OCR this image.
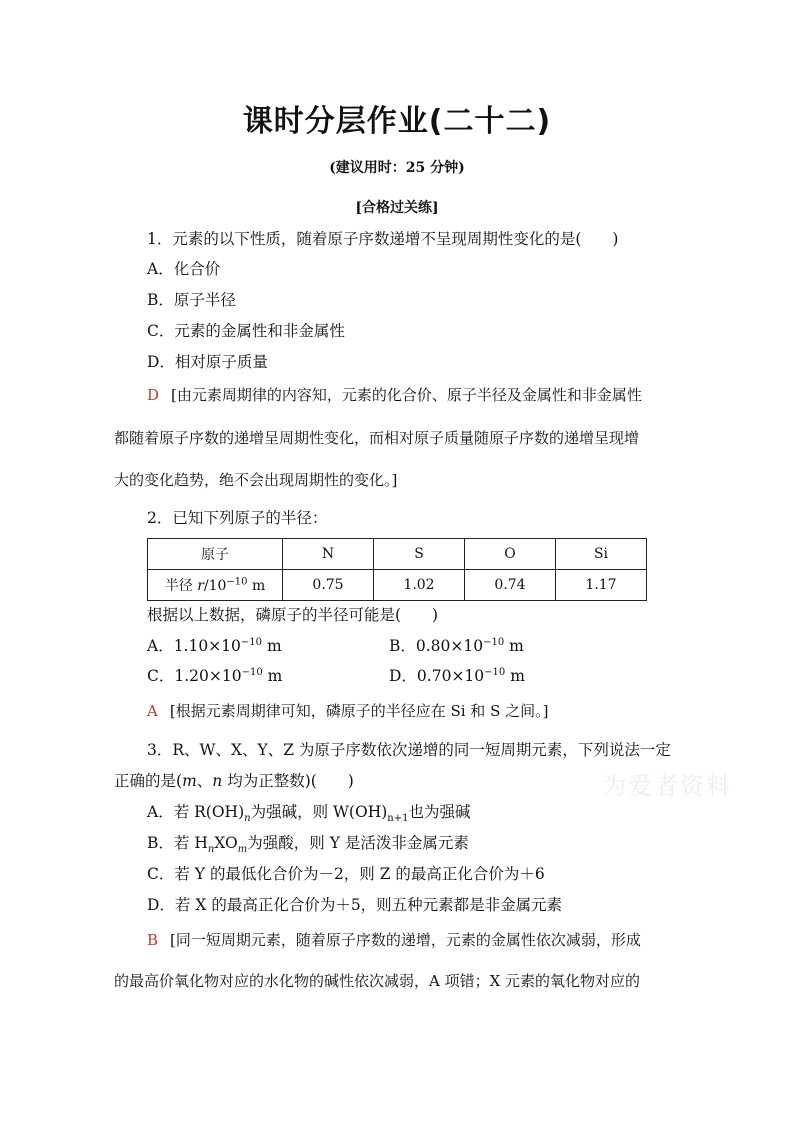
课时分层作业(二十二)
(建议用时：25 分钟)
[合格过关练]
1．元素的以下性质，随着原子序数递增不呈现周期性变化的是(　　)
A．化合价
B．原子半径
C．元素的金属性和非金属性
D．相对原子质量
D [由元素周期律的内容知，元素的化合价、原子半径及金属性和非金属性
都随着原子序数的递增呈周期性变化，而相对原子质量随原子序数的递增呈现增
大的变化趋势，绝不会出现周期性的变化。]
2．已知下列原子的半径：
原子	N	S	O	Si
半径 $r/10^{-10}$ m	0.75	1.02	0.74	1.17
根据以上数据，磷原子的半径可能是(　　)
A．$1.10\times 10^{-10}$ m	B．$0.80\times 10^{-10}$ m
C．$1.20\times 10^{-10}$ m	D．$0.70\times 10^{-10}$ m
A [根据元素周期律可知，磷原子的半径应在 Si 和 S 之间。]
3．R、W、X、Y、Z 为原子序数依次递增的同一短周期元素，下列说法一定
正确的是(m、n 均为正整数)(　　)
A．若 $R(OH)_n$为强碱，则 $W(OH)_{n+1}$也为强碱
B．若 $H_nXO_m$为强酸，则 Y 是活泼非金属元素
C．若 Y 的最低化合价为－2，则 Z 的最高正化合价为＋6
D．若 X 的最高正化合价为＋5，则五种元素都是非金属元素
B [同一短周期元素，随着原子序数的递增，元素的金属性依次减弱，形成
的最高价氧化物对应的水化物的碱性依次减弱，A 项错；X 元素的氧化物对应的
为爱者资料
